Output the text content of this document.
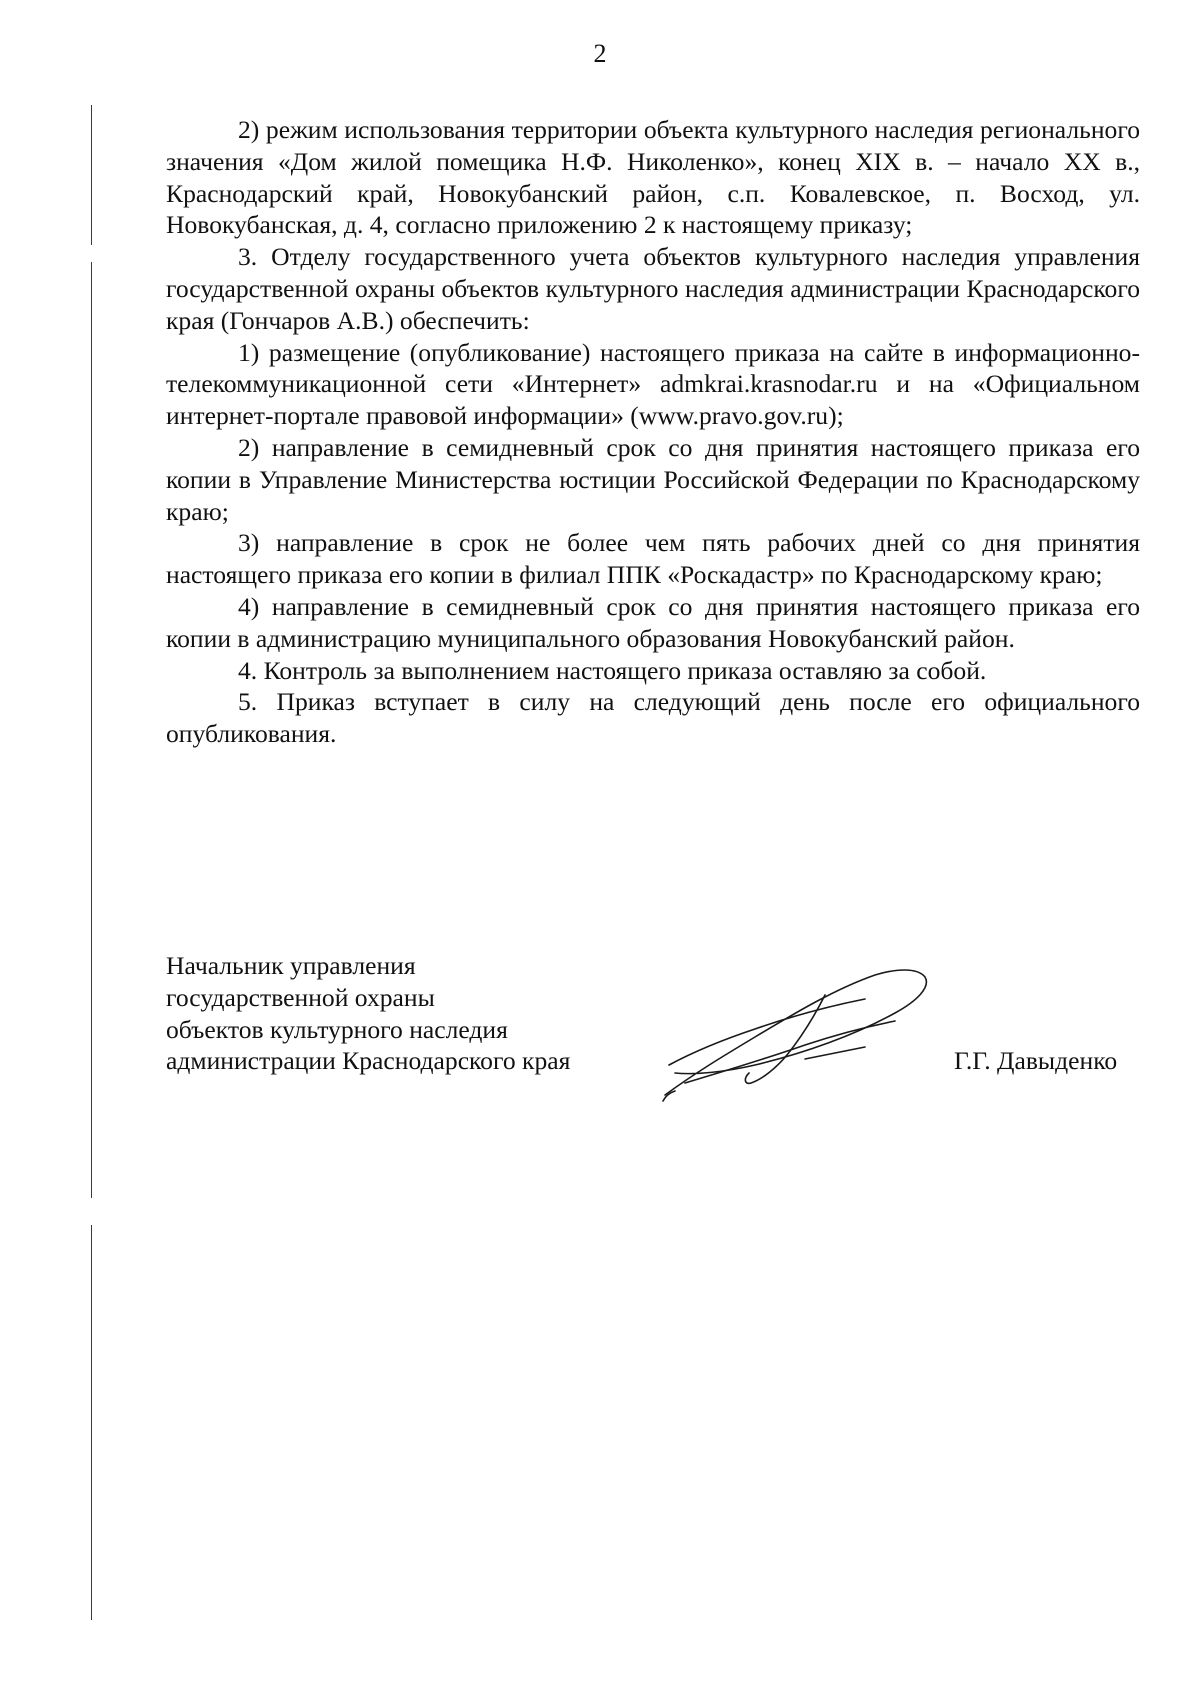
2

2) режим использования территории объекта культурного наследия регионального значения «Дом жилой помещика Н.Ф. Николенко», конец XIX в. – начало XX в., Краснодарский край, Новокубанский район, с.п. Ковалевское, п. Восход, ул. Новокубанская, д. 4, согласно приложению 2 к настоящему приказу;

3. Отделу государственного учета объектов культурного наследия управления государственной охраны объектов культурного наследия администрации Краснодарского края (Гончаров А.В.) обеспечить:

1) размещение (опубликование) настоящего приказа на сайте в информационно-телекоммуникационной сети «Интернет» admkrai.krasnodar.ru и на «Официальном интернет-портале правовой информации» (www.pravo.gov.ru);

2) направление в семидневный срок со дня принятия настоящего приказа его копии в Управление Министерства юстиции Российской Федерации по Краснодарскому краю;

3) направление в срок не более чем пять рабочих дней со дня принятия настоящего приказа его копии в филиал ППК «Роскадастр» по Краснодарскому краю;

4) направление в семидневный срок со дня принятия настоящего приказа его копии в администрацию муниципального образования Новокубанский район.

4. Контроль за выполнением настоящего приказа оставляю за собой.

5. Приказ вступает в силу на следующий день после его официального опубликования.

Начальник управления
государственной охраны
объектов культурного наследия
администрации Краснодарского края	Г.Г. Давыденко
